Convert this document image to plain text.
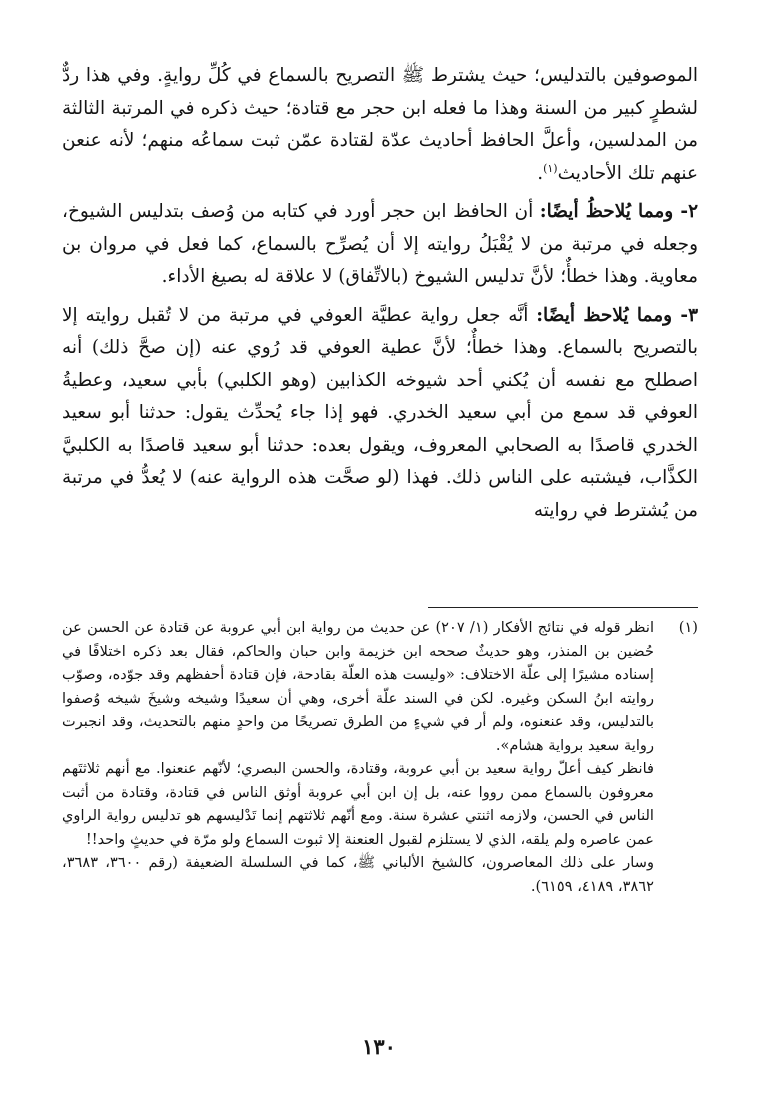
الموصوفين بالتدليس؛ حيث يشترط ﷺ التصريح بالسماع في كُلِّ روايةٍ. وفي هذا ردٌّ لشطرٍ كبير من السنة وهذا ما فعله ابن حجر مع قتادة؛ حيث ذكره في المرتبة الثالثة من المدلسين، وأعلَّ الحافظ أحاديث عدّة لقتادة عمّن ثبت سماعُه منهم؛ لأنه عنعن عنهم تلك الأحاديث$^{(١)}$.

٢- ومما يُلاحظُ أيضًا: أن الحافظ ابن حجر أورد في كتابه من وُصف بتدليس الشيوخ، وجعله في مرتبة من لا يُقْبَلُ روايته إلا أن يُصرِّح بالسماع، كما فعل في مروان بن معاوية. وهذا خطأٌ؛ لأنَّ تدليس الشيوخ (بالاتِّفاق) لا علاقة له بصيغ الأداء.

٣- ومما يُلاحظ أيضًا: أنَّه جعل رواية عطيَّة العوفي في مرتبة من لا تُقبل روايته إلا بالتصريح بالسماع. وهذا خطأٌ؛ لأنَّ عطية العوفي قد رُوي عنه (إن صحَّ ذلك) أنه اصطلح مع نفسه أن يُكني أحد شيوخه الكذابين (وهو الكلبي) بأبي سعيد، وعطيةُ العوفي قد سمع من أبي سعيد الخدري. فهو إذا جاء يُحدِّث يقول: حدثنا أبو سعيد الخدري قاصدًا به الصحابي المعروف، ويقول بعده: حدثنا أبو سعيد قاصدًا به الكلبيَّ الكذَّاب، فيشتبه على الناس ذلك. فهذا (لو صحَّت هذه الرواية عنه) لا يُعدُّ في مرتبة من يُشترط في روايته

(١)

انظر قوله في نتائج الأفكار (١/ ٢٠٧) عن حديث من رواية ابن أبي عروبة عن قتادة عن الحسن عن حُضين بن المنذر، وهو حديثٌ صححه ابن خزيمة وابن حبان والحاكم، فقال بعد ذكره اختلافًا في إسناده مشيرًا إلى علّة الاختلاف: «وليست هذه العلّة بقادحة، فإن قتادة أحفظهم وقد جوّده، وصوّب روايته ابنُ السكن وغيره. لكن في السند علّة أخرى، وهي أن سعيدًا وشيخه وشيخَ شيخه وُصفوا بالتدليس، وقد عنعنوه، ولم أر في شيءٍ من الطرق تصريحًا من واحدٍ منهم بالتحديث، وقد انجبرت رواية سعيد برواية هشام».

فانظر كيف أعلّ رواية سعيد بن أبي عروبة، وقتادة، والحسن البصري؛ لأنّهم عنعنوا. مع أنهم ثلاثتَهم معروفون بالسماع ممن رووا عنه، بل إن ابن أبي عروبة أوثق الناس في قتادة، وقتادة من أثبت الناس في الحسن، ولازمه اثنتي عشرة سنة. ومع أنّهم ثلاثتهم إنما تَدْليسهم هو تدليس رواية الراوي عمن عاصره ولم يلقه، الذي لا يستلزم لقبول العنعنة إلا ثبوت السماع ولو مرّة في حديثٍ واحد!!

وسار على ذلك المعاصرون، كالشيخ الألباني ﷺ، كما في السلسلة الضعيفة (رقم ٣٦٠٠، ٣٦٨٣، ٣٨٦٢، ٤١٨٩، ٦١٥٩).

١٣٠
